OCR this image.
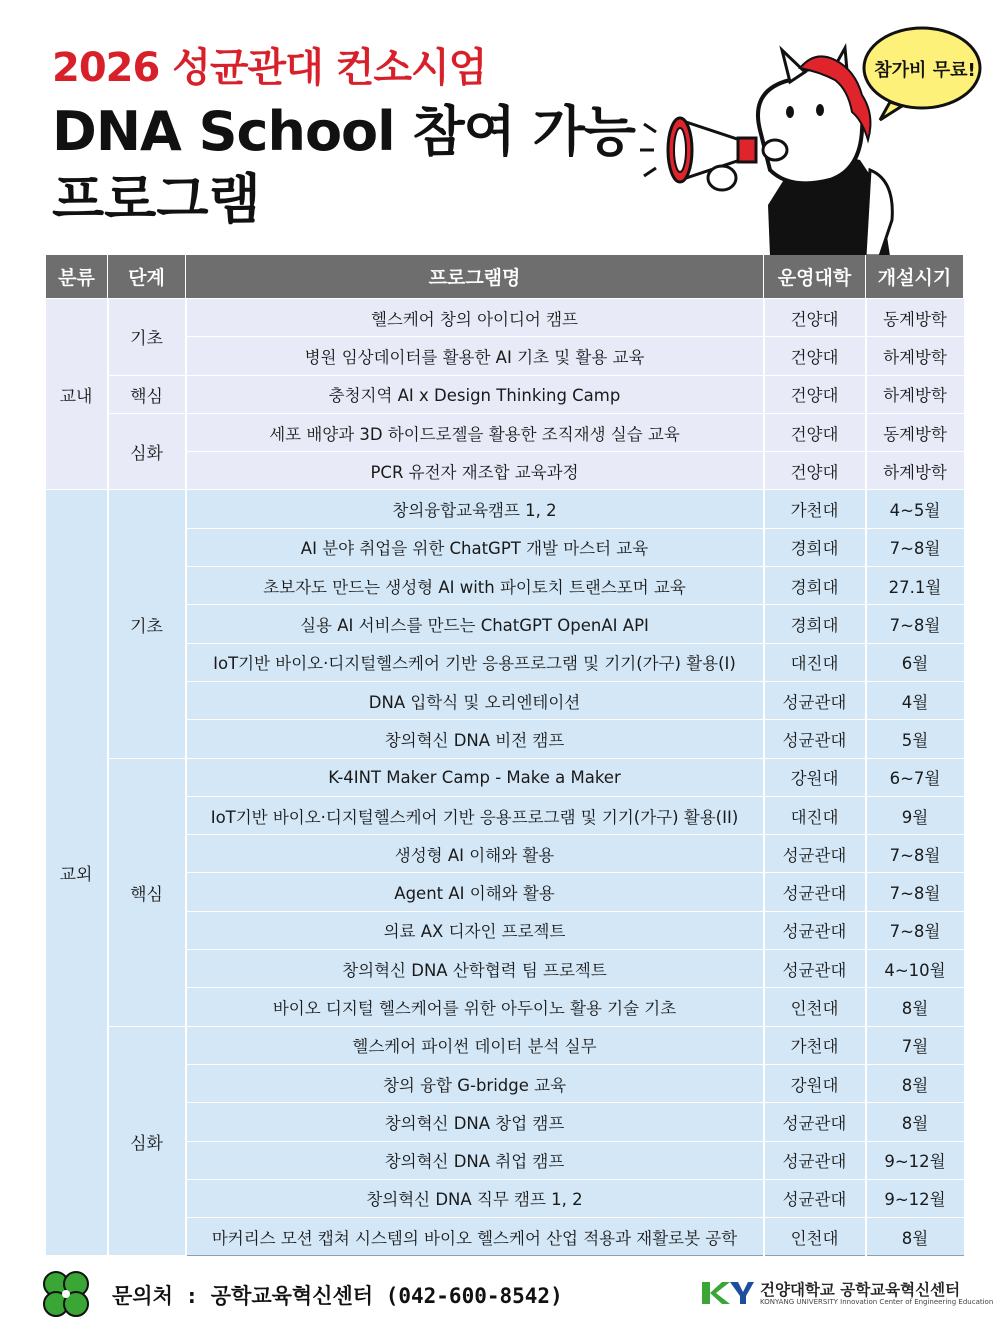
2026 성균관대 컨소시엄
DNA School 참여 가능
프로그램
참가비 무료!
분류	단계	프로그램명	운영대학	개설시기
교내	기초	헬스케어 창의 아이디어 캠프	건양대	동계방학
		병원 임상데이터를 활용한 AI 기초 및 활용 교육	건양대	하계방학
	핵심	충청지역 AI x Design Thinking Camp	건양대	하계방학
	심화	세포 배양과 3D 하이드로젤을 활용한 조직재생 실습 교육	건양대	동계방학
		PCR 유전자 재조합 교육과정	건양대	하계방학
교외	기초	창의융합교육캠프 1, 2	가천대	4~5월
		AI 분야 취업을 위한 ChatGPT 개발 마스터 교육	경희대	7~8월
		초보자도 만드는 생성형 AI with 파이토치 트랜스포머 교육	경희대	27.1월
		실용 AI 서비스를 만드는 ChatGPT OpenAI API	경희대	7~8월
		IoT기반 바이오·디지털헬스케어 기반 응용프로그램 및 기기(가구) 활용(I)	대진대	6월
		DNA 입학식 및 오리엔테이션	성균관대	4월
		창의혁신 DNA 비전 캠프	성균관대	5월
	핵심	K-4INT Maker Camp - Make a Maker	강원대	6~7월
		IoT기반 바이오·디지털헬스케어 기반 응용프로그램 및 기기(가구) 활용(II)	대진대	9월
		생성형 AI 이해와 활용	성균관대	7~8월
		Agent AI 이해와 활용	성균관대	7~8월
		의료 AX 디자인 프로젝트	성균관대	7~8월
		창의혁신 DNA 산학협력 팀 프로젝트	성균관대	4~10월
		바이오 디지털 헬스케어를 위한 아두이노 활용 기술 기초	인천대	8월
	심화	헬스케어 파이썬 데이터 분석 실무	가천대	7월
		창의 융합 G-bridge 교육	강원대	8월
		창의혁신 DNA 창업 캠프	성균관대	8월
		창의혁신 DNA 취업 캠프	성균관대	9~12월
		창의혁신 DNA 직무 캠프 1, 2	성균관대	9~12월
		마커리스 모션 캡쳐 시스템의 바이오 헬스케어 산업 적용과 재활로봇 공학	인천대	8월
문의처 : 공학교육혁신센터 (042-600-8542)	건양대학교 공학교육혁신센터
KONYANG UNIVERSITY Innovation Center of Engineering Education
